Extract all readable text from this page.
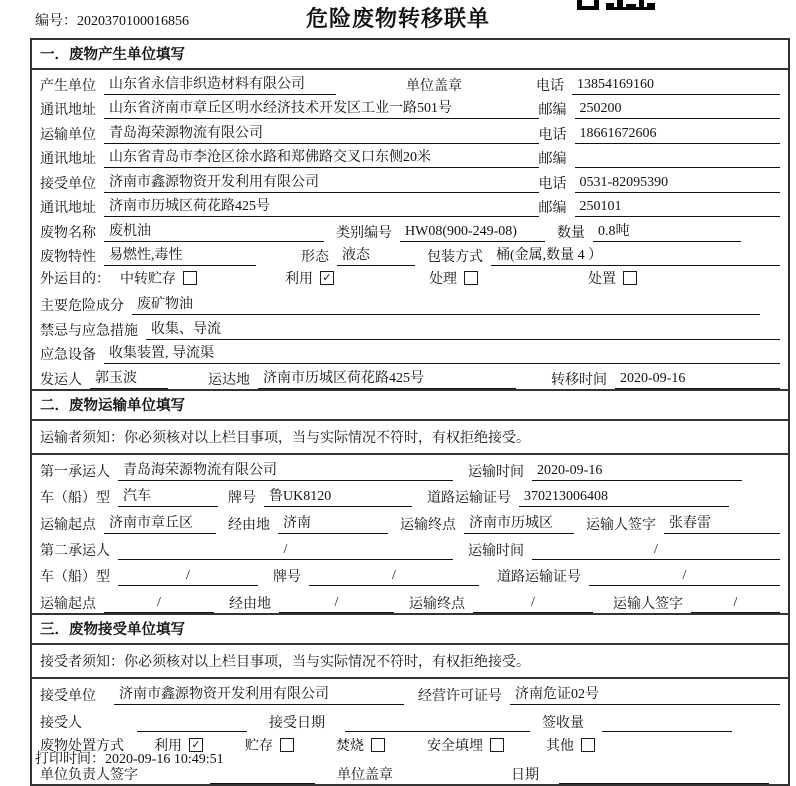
编号：2020370100016856	危险废物转移联单
一．废物产生单位填写
产生单位 山东省永信非织造材料有限公司	单位盖章	电话 13854169160
通讯地址 山东省济南市章丘区明水经济技术开发区工业一路501号	邮编 250200
运输单位 青岛海荣源物流有限公司	电话 18661672606
通讯地址 山东省青岛市李沧区徐水路和郑佛路交叉口东侧20米	邮编
接受单位 济南市鑫源物资开发利用有限公司	电话 0531-82095390
通讯地址 济南市历城区荷花路425号	邮编 250101
废物名称 废机油	类别编号 HW08(900-249-08)	数量 0.8吨
废物特性 易燃性,毒性	形态 液态	包装方式 桶(金属,数量 4 ）
外运目的： 中转贮存	利用 ✓	处理	处置
主要危险成分 废矿物油
禁忌与应急措施 收集、导流
应急设备 收集装置, 导流渠
发运人 郭玉波	运达地 济南市历城区荷花路425号	转移时间 2020-09-16
二．废物运输单位填写
运输者须知：你必须核对以上栏目事项，当与实际情况不符时，有权拒绝接受。
第一承运人 青岛海荣源物流有限公司	运输时间 2020-09-16
车（船）型 汽车	牌号 鲁UK8120	道路运输证号 370213006408
运输起点 济南市章丘区	经由地 济南	运输终点 济南市历城区	运输人签字 张春雷
第二承运人	/	运输时间	/
车（船）型	/	牌号	/	道路运输证号	/
运输起点	/	经由地	/	运输终点	/	运输人签字	/
三．废物接受单位填写
接受者须知：你必须核对以上栏目事项，当与实际情况不符时，有权拒绝接受。
接受单位	济南市鑫源物资开发利用有限公司	经营许可证号 济南危证02号
接受人	接受日期	签收量
废物处置方式 利用 ✓	贮存	焚烧	安全填埋	其他
单位负责人签字	单位盖章	日期
打印时间：2020-09-16 10:49:51
